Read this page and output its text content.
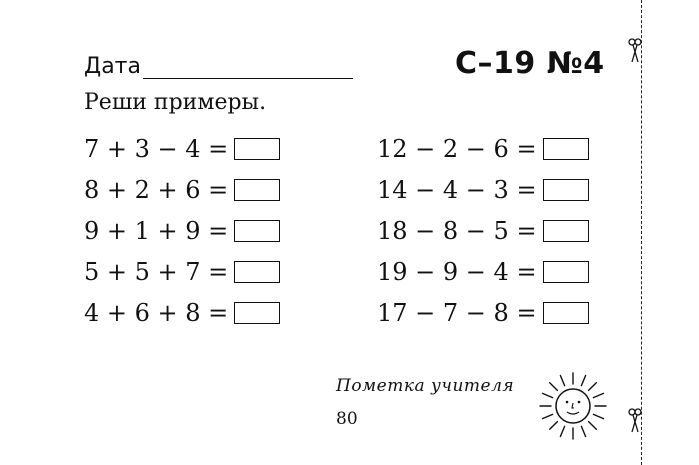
Дата	С–19 №4
Реши примеры.
7 + 3 − 4 =
8 + 2 + 6 =
9 + 1 + 9 =
5 + 5 + 7 =
4 + 6 + 8 =
12 − 2 − 6 =
14 − 4 − 3 =
18 − 8 − 5 =
19 − 9 − 4 =
17 − 7 − 8 =
Пометка учителя
80
